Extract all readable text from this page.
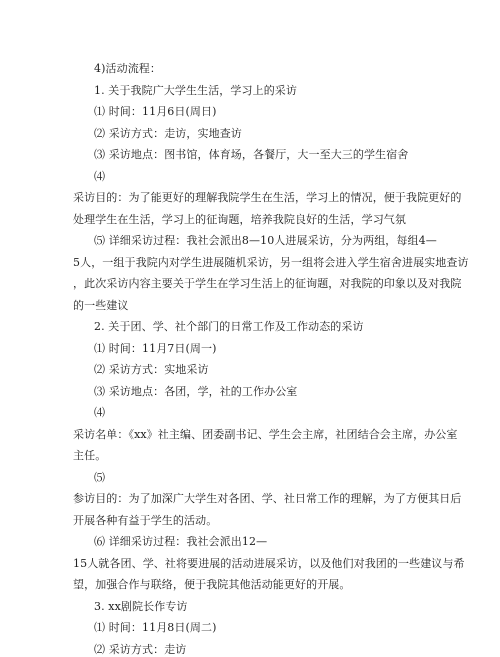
4)活动流程：
1. 关于我院广大学生生活，学习上的采访
⑴ 时间：11月6日(周日)
⑵ 采访方式：走访，实地查访
⑶ 采访地点：图书馆，体育场，各餐厅，大一至大三的学生宿舍
⑷
采访目的：为了能更好的理解我院学生在生活，学习上的情况，便于我院更好的
处理学生在生活，学习上的征询题，培养我院良好的生活，学习气氛
⑸ 详细采访过程：我社会派出8—10人进展采访，分为两组，每组4—
5人，一组于我院内对学生进展随机采访，另一组将会进入学生宿舍进展实地查访
，此次采访内容主要关于学生在学习生活上的征询题，对我院的印象以及对我院
的一些建议
2. 关于团、学、社个部门的日常工作及工作动态的采访
⑴ 时间：11月7日(周一)
⑵ 采访方式：实地采访
⑶ 采访地点：各团，学，社的工作办公室
⑷
采访名单：《xx》社主编、团委副书记、学生会主席，社团结合会主席，办公室
主任。
⑸
参访目的：为了加深广大学生对各团、学、社日常工作的理解，为了方便其日后
开展各种有益于学生的活动。
⑹ 详细采访过程：我社会派出12—
15人就各团、学、社将要进展的活动进展采访，以及他们对我团的一些建议与希
望，加强合作与联络，便于我院其他活动能更好的开展。
3. xx剧院长作专访
⑴ 时间：11月8日(周二)
⑵ 采访方式：走访
